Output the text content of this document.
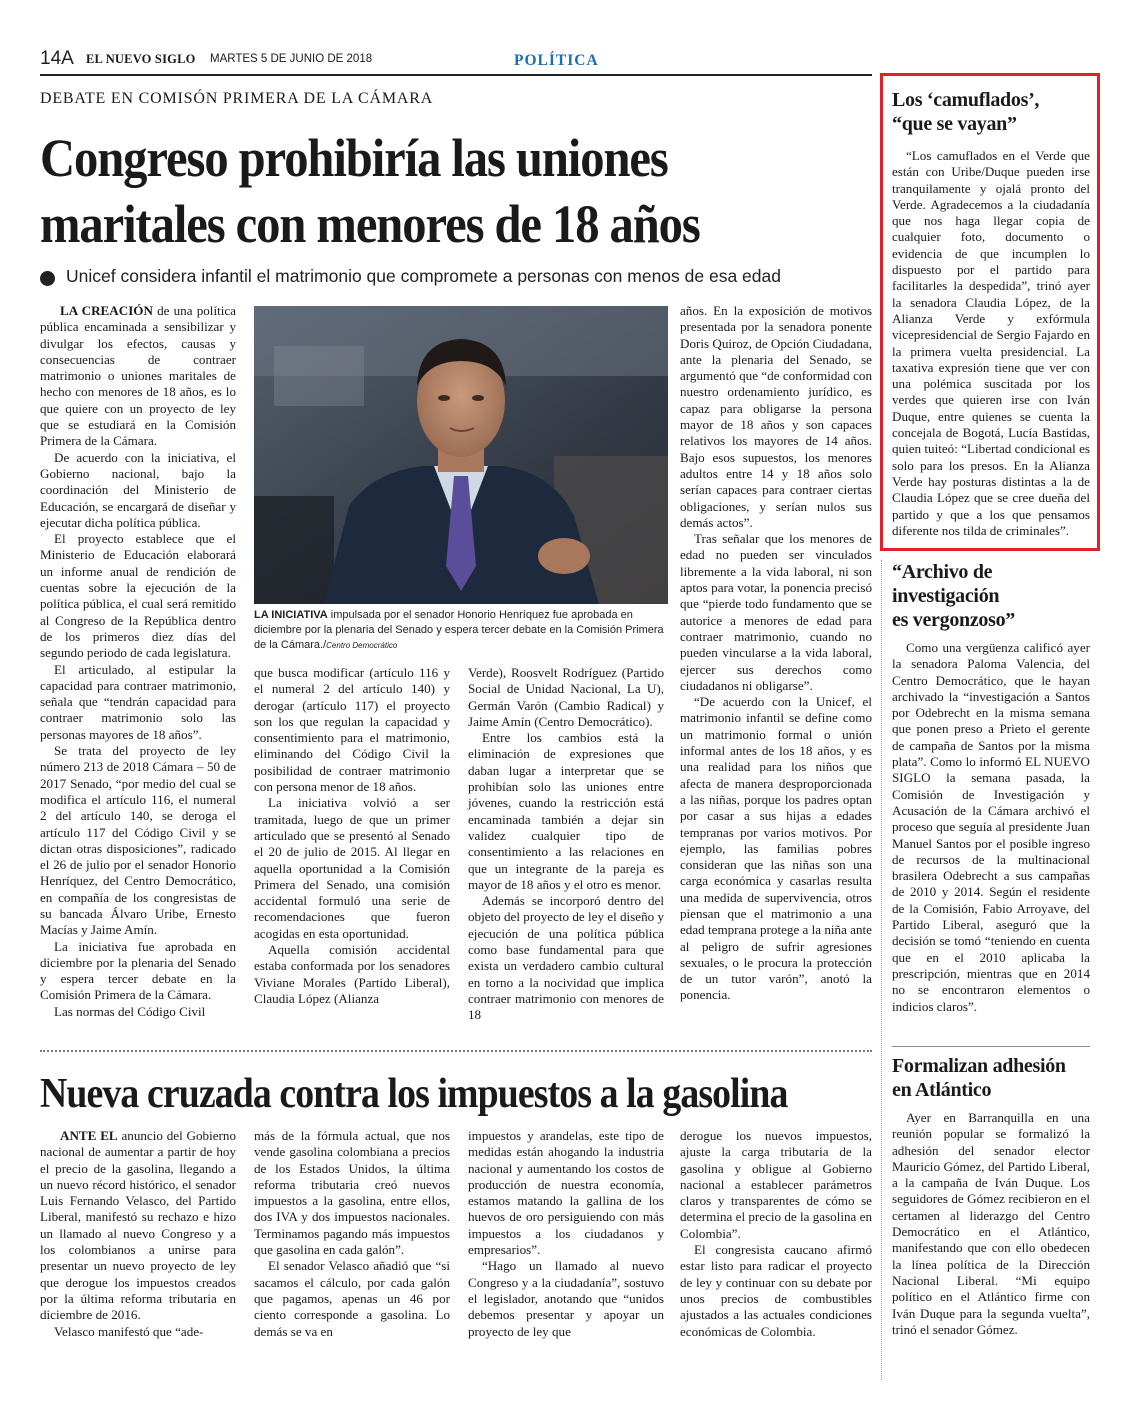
14A EL NUEVO SIGLO MARTES 5 DE JUNIO DE 2018	POLÍTICA
DEBATE EN COMISÓN PRIMERA DE LA CÁMARA
Congreso prohibiría las uniones
maritales con menores de 18 años
Unicef considera infantil el matrimonio que compromete a personas con menos de esa edad

LA CREACIÓN de una política pública encaminada a sensibilizar y divulgar los efectos, causas y consecuencias de contraer matrimonio o uniones maritales de hecho con menores de 18 años, es lo que quiere con un proyecto de ley que se estudiará en la Comisión Primera de la Cámara.

De acuerdo con la iniciativa, el Gobierno nacional, bajo la coordinación del Ministerio de Educación, se encargará de diseñar y ejecutar dicha política pública.

El proyecto establece que el Ministerio de Educación elaborará un informe anual de rendición de cuentas sobre la ejecución de la política pública, el cual será remitido al Congreso de la República dentro de los primeros diez días del segundo periodo de cada legislatura.

El articulado, al estipular la capacidad para contraer matrimonio, señala que “tendrán capacidad para contraer matrimonio solo las personas mayores de 18 años”.

Se trata del proyecto de ley número 213 de 2018 Cámara – 50 de 2017 Senado, “por medio del cual se modifica el artículo 116, el numeral 2 del artículo 140, se deroga el artículo 117 del Código Civil y se dictan otras disposiciones”, radicado el 26 de julio por el senador Honorio Henríquez, del Centro Democrático, en compañía de los congresistas de su bancada Álvaro Uribe, Ernesto Macías y Jaime Amín.

La iniciativa fue aprobada en diciembre por la plenaria del Senado y espera tercer debate en la Comisión Primera de la Cámara.

Las normas del Código Civil

LA INICIATIVA impulsada por el senador Honorio Henríquez fue aprobada en diciembre por la plenaria del Senado y espera tercer debate en la Comisión Primera de la Cámara./Centro Democrático

que busca modificar (artículo 116 y el numeral 2 del artículo 140) y derogar (artículo 117) el proyecto son los que regulan la capacidad y consentimiento para el matrimonio, eliminando del Código Civil la posibilidad de contraer matrimonio con persona menor de 18 años.

La iniciativa volvió a ser tramitada, luego de que un primer articulado que se presentó al Senado el 20 de julio de 2015. Al llegar en aquella oportunidad a la Comisión Primera del Senado, una comisión accidental formuló una serie de recomendaciones que fueron acogidas en esta oportunidad.

Aquella comisión accidental estaba conformada por los senadores Viviane Morales (Partido Liberal), Claudia López (Alianza

Verde), Roosvelt Rodríguez (Partido Social de Unidad Nacional, La U), Germán Varón (Cambio Radical) y Jaime Amín (Centro Democrático).

Entre los cambios está la eliminación de expresiones que daban lugar a interpretar que se prohibían solo las uniones entre jóvenes, cuando la restricción está encaminada también a dejar sin validez cualquier tipo de consentimiento a las relaciones en que un integrante de la pareja es mayor de 18 años y el otro es menor.

Además se incorporó dentro del objeto del proyecto de ley el diseño y ejecución de una política pública como base fundamental para que exista un verdadero cambio cultural en torno a la nocividad que implica contraer matrimonio con menores de 18

años. En la exposición de motivos presentada por la senadora ponente Doris Quiroz, de Opción Ciudadana, ante la plenaria del Senado, se argumentó que “de conformidad con nuestro ordenamiento jurídico, es capaz para obligarse la persona mayor de 18 años y son capaces relativos los mayores de 14 años. Bajo esos supuestos, los menores adultos entre 14 y 18 años solo serían capaces para contraer ciertas obligaciones, y serían nulos sus demás actos”.

Tras señalar que los menores de edad no pueden ser vinculados libremente a la vida laboral, ni son aptos para votar, la ponencia precisó que “pierde todo fundamento que se autorice a menores de edad para contraer matrimonio, cuando no pueden vincularse a la vida laboral, ejercer sus derechos como ciudadanos ni obligarse”.

“De acuerdo con la Unicef, el matrimonio infantil se define como un matrimonio formal o unión informal antes de los 18 años, y es una realidad para los niños que afecta de manera desproporcionada a las niñas, porque los padres optan por casar a sus hijas a edades tempranas por varios motivos. Por ejemplo, las familias pobres consideran que las niñas son una carga económica y casarlas resulta una medida de supervivencia, otros piensan que el matrimonio a una edad temprana protege a la niña ante al peligro de sufrir agresiones sexuales, o le procura la protección de un tutor varón”, anotó la ponencia.

Nueva cruzada contra los impuestos a la gasolina

ANTE EL anuncio del Gobierno nacional de aumentar a partir de hoy el precio de la gasolina, llegando a un nuevo récord histórico, el senador Luis Fernando Velasco, del Partido Liberal, manifestó su rechazo e hizo un llamado al nuevo Congreso y a los colombianos a unirse para presentar un nuevo proyecto de ley que derogue los impuestos creados por la última reforma tributaria en diciembre de 2016.

Velasco manifestó que “ade-

más de la fórmula actual, que nos vende gasolina colombiana a precios de los Estados Unidos, la última reforma tributaria creó nuevos impuestos a la gasolina, entre ellos, dos IVA y dos impuestos nacionales. Terminamos pagando más impuestos que gasolina en cada galón”.

El senador Velasco añadió que “si sacamos el cálculo, por cada galón que pagamos, apenas un 46 por ciento corresponde a gasolina. Lo demás se va en

impuestos y arandelas, este tipo de medidas están ahogando la industria nacional y aumentando los costos de producción de nuestra economía, estamos matando la gallina de los huevos de oro persiguiendo con más impuestos a los ciudadanos y empresarios”.

“Hago un llamado al nuevo Congreso y a la ciudadanía”, sostuvo el legislador, anotando que “unidos debemos presentar y apoyar un proyecto de ley que

derogue los nuevos impuestos, ajuste la carga tributaria de la gasolina y obligue al Gobierno nacional a establecer parámetros claros y transparentes de cómo se determina el precio de la gasolina en Colombia”.

El congresista caucano afirmó estar listo para radicar el proyecto de ley y continuar con su debate por unos precios de combustibles ajustados a las actuales condiciones económicas de Colombia.

Los ‘camuflados’,
“que se vayan”

“Los camuflados en el Verde que están con Uribe/Duque pueden irse tranquilamente y ojalá pronto del Verde. Agradecemos a la ciudadanía que nos haga llegar copia de cualquier foto, documento o evidencia de que incumplen lo dispuesto por el partido para facilitarles la despedida”, trinó ayer la senadora Claudia López, de la Alianza Verde y exfórmula vicepresidencial de Sergio Fajardo en la primera vuelta presidencial. La taxativa expresión tiene que ver con una polémica suscitada por los verdes que quieren irse con Iván Duque, entre quienes se cuenta la concejala de Bogotá, Lucía Bastidas, quien tuiteó: “Libertad condicional es solo para los presos. En la Alianza Verde hay posturas distintas a la de Claudia López que se cree dueña del partido y que a los que pensamos diferente nos tilda de criminales”.

“Archivo de
investigación
es vergonzoso”

Como una vergüenza calificó ayer la senadora Paloma Valencia, del Centro Democrático, que le hayan archivado la “investigación a Santos por Odebrecht en la misma semana que ponen preso a Prieto el gerente de campaña de Santos por la misma plata”. Como lo informó EL NUEVO SIGLO la semana pasada, la Comisión de Investigación y Acusación de la Cámara archivó el proceso que seguía al presidente Juan Manuel Santos por el posible ingreso de recursos de la multinacional brasilera Odebrecht a sus campañas de 2010 y 2014. Según el residente de la Comisión, Fabio Arroyave, del Partido Liberal, aseguró que la decisión se tomó “teniendo en cuenta que en el 2010 aplicaba la prescripción, mientras que en 2014 no se encontraron elementos o indicios claros”.

Formalizan adhesión
en Atlántico

Ayer en Barranquilla en una reunión popular se formalizó la adhesión del senador elector Mauricio Gómez, del Partido Liberal, a la campaña de Iván Duque. Los seguidores de Gómez recibieron en el certamen al liderazgo del Centro Democrático en el Atlántico, manifestando que con ello obedecen la línea política de la Dirección Nacional Liberal. “Mi equipo político en el Atlántico firme con Iván Duque para la segunda vuelta”, trinó el senador Gómez.
